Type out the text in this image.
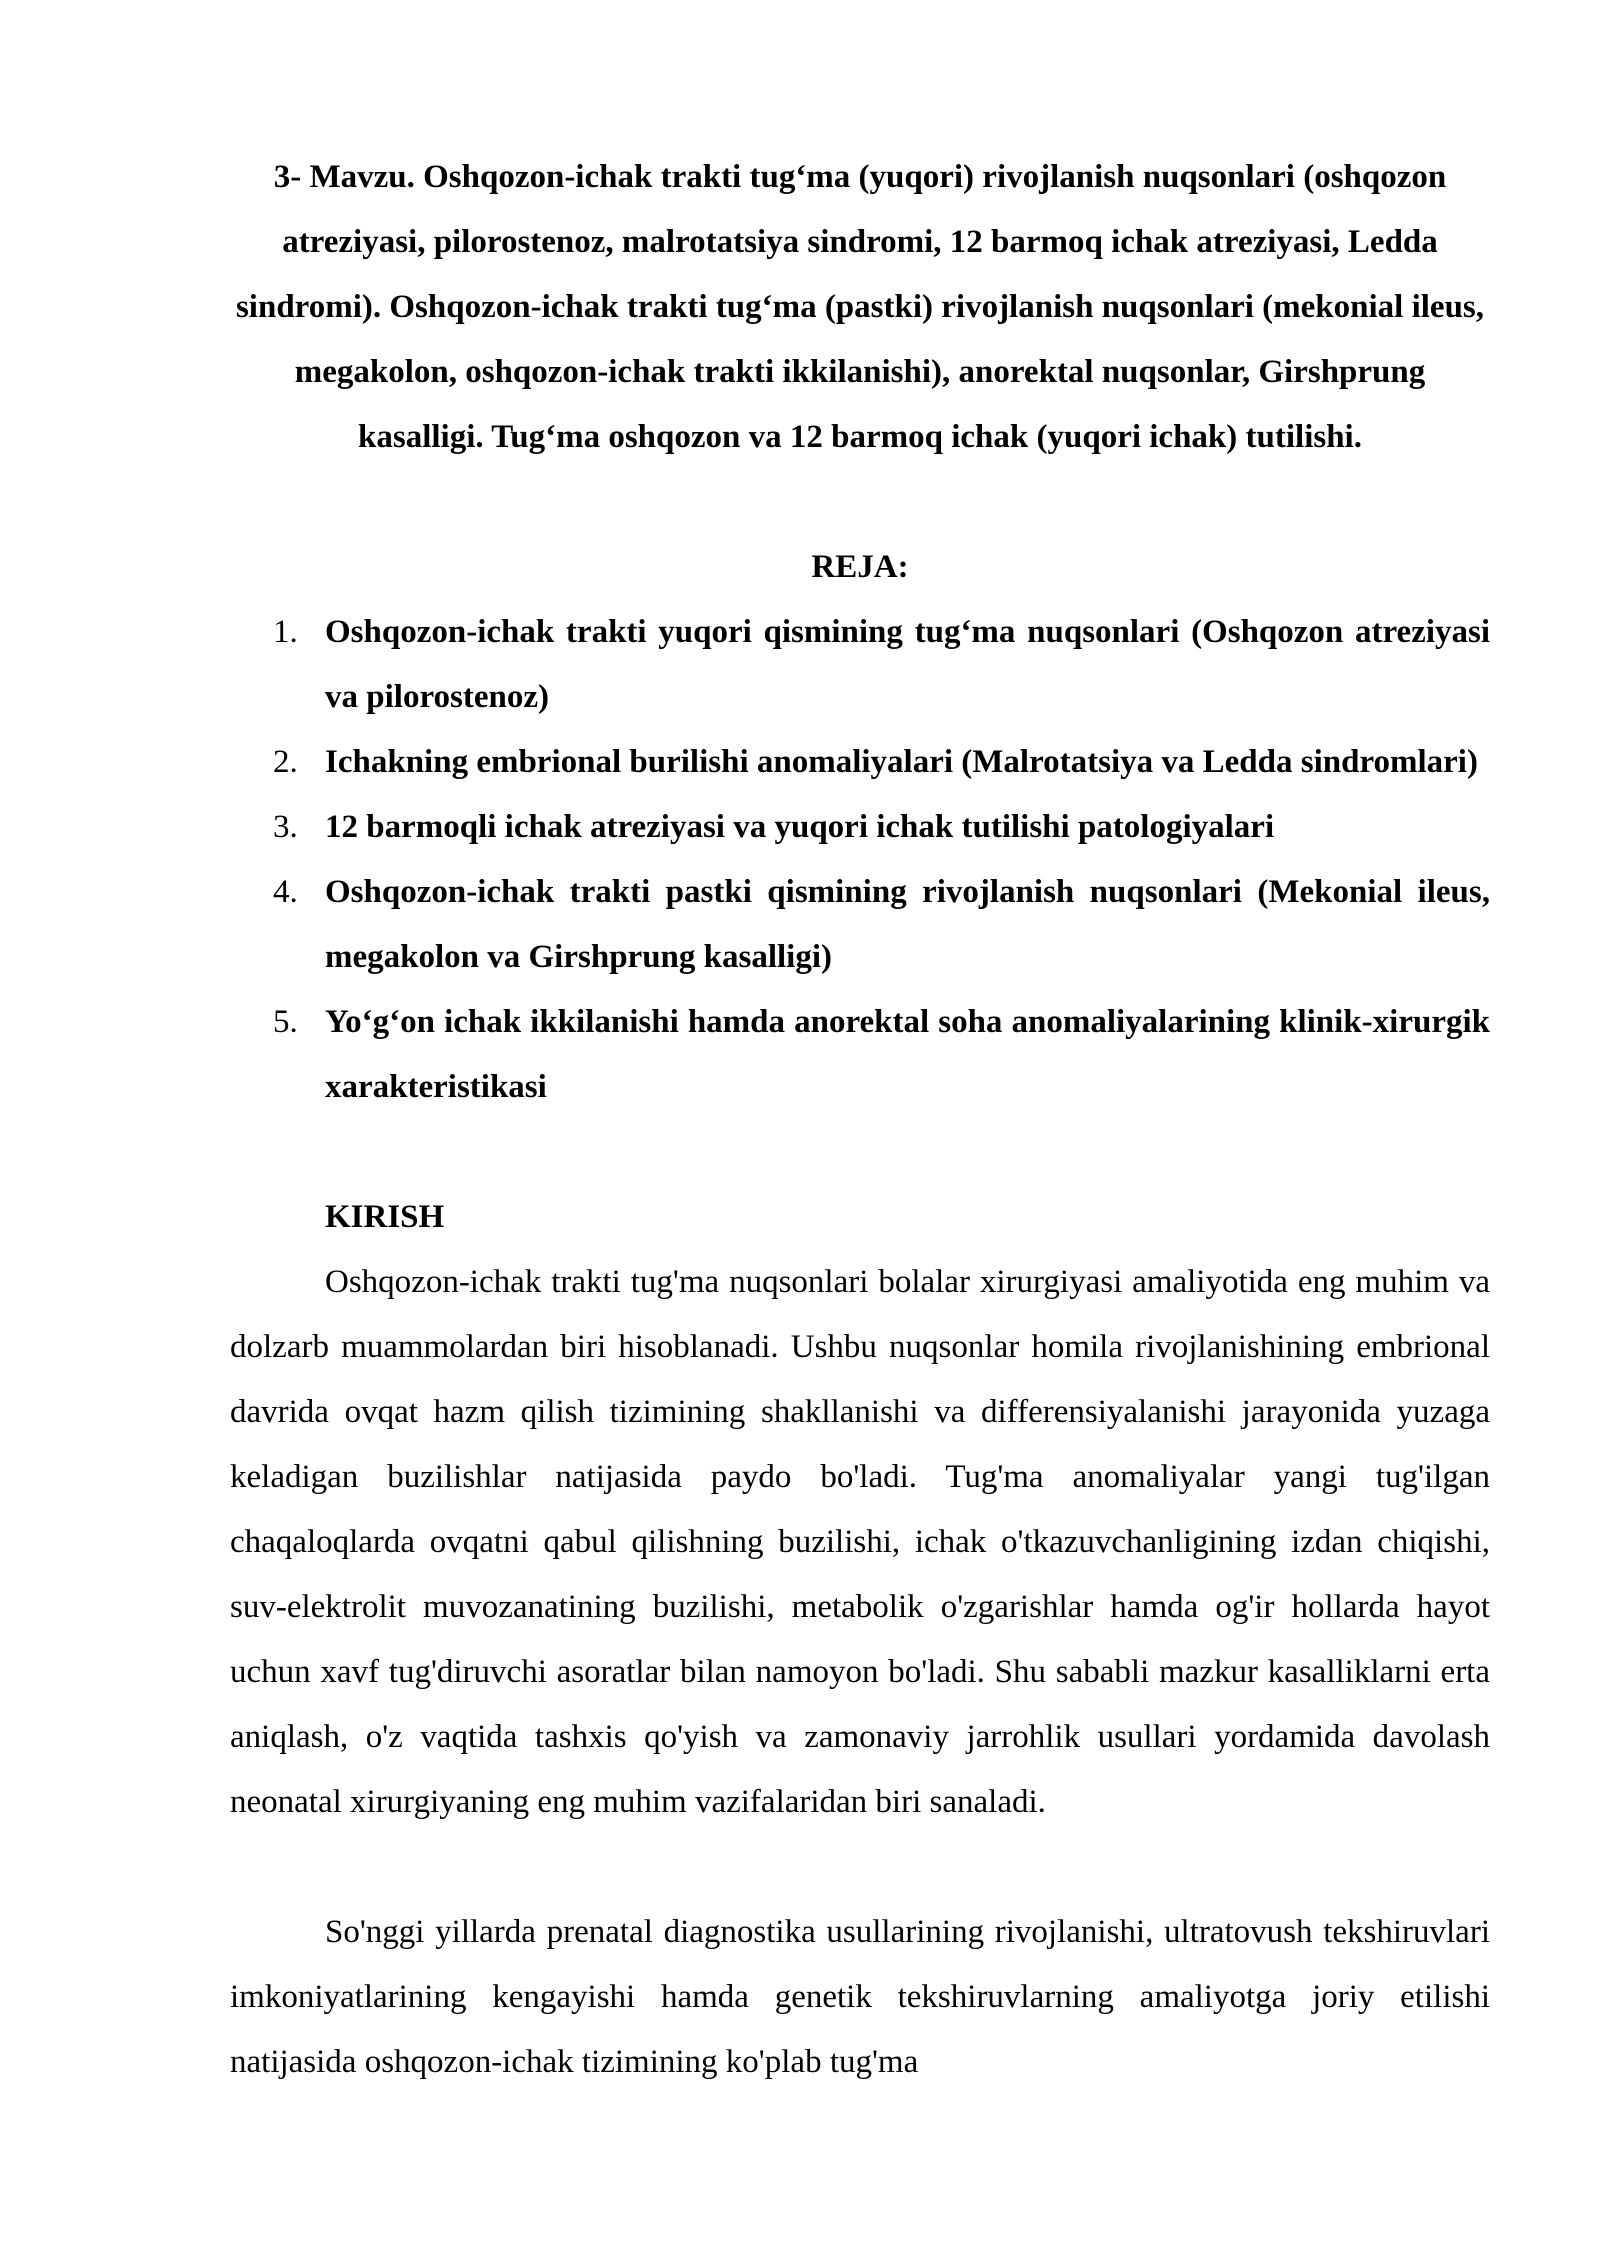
3- Mavzu. Oshqozon-ichak trakti tug‘ma (yuqori) rivojlanish nuqsonlari (oshqozon atreziyasi, pilorostenoz, malrotatsiya sindromi, 12 barmoq ichak atreziyasi, Ledda sindromi). Oshqozon-ichak trakti tug‘ma (pastki) rivojlanish nuqsonlari (mekonial ileus, megakolon, oshqozon-ichak trakti ikkilanishi), anorektal nuqsonlar, Girshprung kasalligi. Tug‘ma oshqozon va 12 barmoq ichak (yuqori ichak) tutilishi.
REJA:
1. Oshqozon-ichak trakti yuqori qismining tug‘ma nuqsonlari (Oshqozon atreziyasi va pilorostenoz)
2. Ichakning embrional burilishi anomaliyalari (Malrotatsiya va Ledda sindromlari)
3. 12 barmoqli ichak atreziyasi va yuqori ichak tutilishi patologiyalari
4. Oshqozon-ichak trakti pastki qismining rivojlanish nuqsonlari (Mekonial ileus, megakolon va Girshprung kasalligi)
5. Yo‘g‘on ichak ikkilanishi hamda anorektal soha anomaliyalarining klinik-xirurgik xarakteristikasi
KIRISH

Oshqozon-ichak trakti tug'ma nuqsonlari bolalar xirurgiyasi amaliyotida eng muhim va dolzarb muammolardan biri hisoblanadi. Ushbu nuqsonlar homila rivojlanishining embrional davrida ovqat hazm qilish tizimining shakllanishi va differensiyalanishi jarayonida yuzaga keladigan buzilishlar natijasida paydo bo'ladi. Tug'ma anomaliyalar yangi tug'ilgan chaqaloqlarda ovqatni qabul qilishning buzilishi, ichak o'tkazuvchanligining izdan chiqishi, suv-elektrolit muvozanatining buzilishi, metabolik o'zgarishlar hamda og'ir hollarda hayot uchun xavf tug'diruvchi asoratlar bilan namoyon bo'ladi. Shu sababli mazkur kasalliklarni erta aniqlash, o'z vaqtida tashxis qo'yish va zamonaviy jarrohlik usullari yordamida davolash neonatal xirurgiyaning eng muhim vazifalaridan biri sanaladi.

So'nggi yillarda prenatal diagnostika usullarining rivojlanishi, ultratovush tekshiruvlari imkoniyatlarining kengayishi hamda genetik tekshiruvlarning amaliyotga joriy etilishi natijasida oshqozon-ichak tizimining ko'plab tug'ma
